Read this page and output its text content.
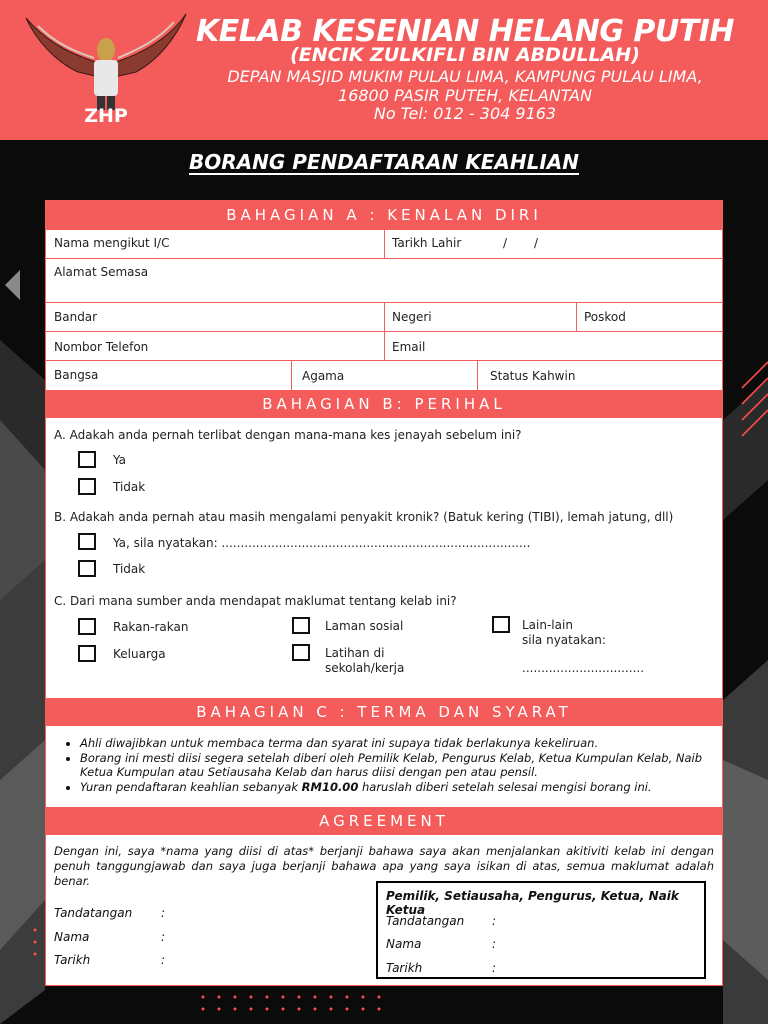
ZHP
KELAB KESENIAN HELANG PUTIH
(ENCIK ZULKIFLI BIN ABDULLAH)
DEPAN MASJID MUKIM PULAU LIMA, KAMPUNG PULAU LIMA,
16800 PASIR PUTEH, KELANTAN
No Tel: 012 - 304 9163
BORANG PENDAFTARAN KEAHLIAN
BAHAGIAN A : KENALAN DIRI
Nama mengikut I/C	Tarikh Lahir	/ /
Alamat Semasa
Bandar	Negeri	Poskod
Nombor Telefon	Email
Bangsa	Agama	Status Kahwin
BAHAGIAN B: PERIHAL
A. Adakah anda pernah terlibat dengan mana-mana kes jenayah sebelum ini?
Ya
Tidak
B. Adakah anda pernah atau masih mengalami penyakit kronik? (Batuk kering (TIBI), lemah jatung, dll)
Ya, sila nyatakan: .................................................................................
Tidak
C. Dari mana sumber anda mendapat maklumat tentang kelab ini?
Rakan-rakan
Keluarga
Laman sosial
Latihan di
sekolah/kerja
Lain-lain
sila nyatakan:
................................
BAHAGIAN C : TERMA DAN SYARAT
• Ahli diwajibkan untuk membaca terma dan syarat ini supaya tidak berlakunya kekeliruan.
• Borang ini mesti diisi segera setelah diberi oleh Pemilik Kelab, Pengurus Kelab, Ketua Kumpulan Kelab, Naib Ketua Kumpulan atau Setiausaha Kelab dan harus diisi dengan pen atau pensil.
• Yuran pendaftaran keahlian sebanyak RM10.00 haruslah diberi setelah selesai mengisi borang ini.
AGREEMENT
Dengan ini, saya *nama yang diisi di atas* berjanji bahawa saya akan menjalankan akitiviti kelab ini dengan penuh tanggungjawab dan saya juga berjanji bahawa apa yang saya isikan di atas, semua maklumat adalah benar.
Tandatangan :
Nama	:
Tarikh	:
Pemilik, Setiausaha, Pengurus, Ketua, Naik Ketua
Tandatangan :
Nama	:
Tarikh	:
